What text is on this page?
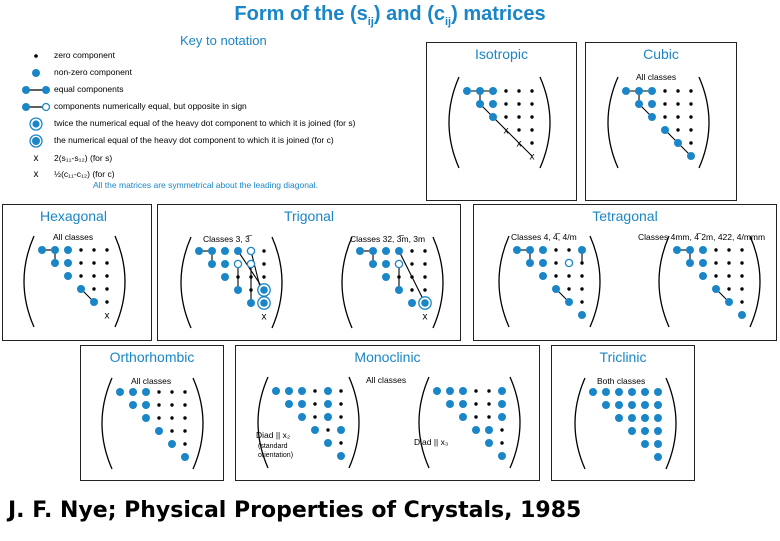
Form of the $(s_{ij})$ and $(c_{ij})$ matrices
Key to notation
zero component
non-zero component
equal components
components numerically equal, but opposite in sign
twice the numerical equal of the heavy dot component to which it is joined (for s)
the numerical equal of the heavy dot component to which it is joined (for c)
x 2(s₁₁-s₁₂) (for s)
x ½(c₁₁-c₁₂) (for c)
All the matrices are symmetrical about the leading diagonal.
Isotropic	Cubic
All classes
Hexagonal
All classes
Trigonal
Classes 3, 3̅	Classes 32, 3̅m, 3m
Tetragonal
Classes 4, 4̅, 4/m	Classes 4mm, 4̅ 2m, 422, 4/mmm
Orthorhombic
All classes
Monoclinic
All classes
Diad || x₂
(standard
orientation)
Diad || x₃
Triclinic
Both classes
J. F. Nye; Physical Properties of Crystals, 1985
x
x
x
x	x	x
